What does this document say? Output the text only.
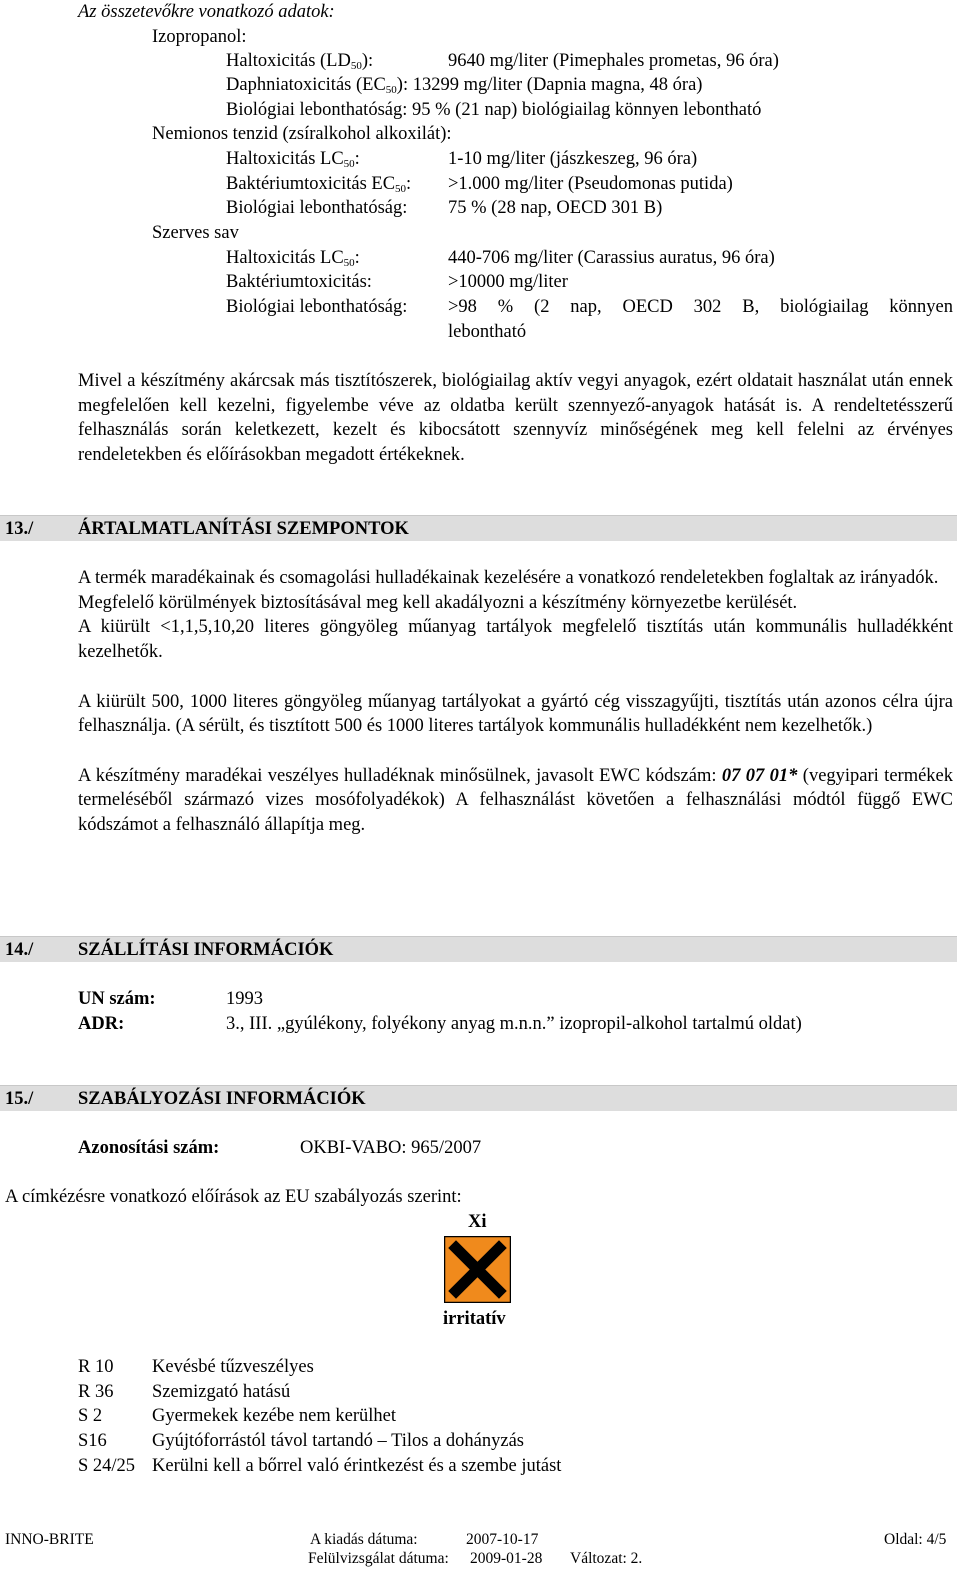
Az összetevőkre vonatkozó adatok:
Izopropanol:
Haltoxicitás $(LD_{50})$:	9640 mg/liter (Pimephales prometas, 96 óra)
Daphniatoxicitás $(EC_{50})$: 13299 mg/liter (Dapnia magna, 48 óra)
Biológiai lebonthatóság: 95 % (21 nap) biológiailag könnyen lebontható
Nemionos tenzid (zsíralkohol alkoxilát):
Haltoxicitás $LC_{50}$:	1-10 mg/liter (jászkeszeg, 96 óra)
Baktériumtoxicitás $EC_{50}$: >1.000 mg/liter (Pseudomonas putida)
Biológiai lebonthatóság: 75 % (28 nap, OECD 301 B)
Szerves sav
Haltoxicitás $LC_{50}$:	440-706 mg/liter (Carassius auratus, 96 óra)
Baktériumtoxicitás:	>10000 mg/liter
Biológiai lebonthatóság: >98 % (2 nap, OECD 302 B, biológiailag könnyen
lebontható

Mivel a készítmény akárcsak más tisztítószerek, biológiailag aktív vegyi anyagok, ezért oldatait használat után ennek megfelelően kell kezelni, figyelembe véve az oldatba került szennyező-anyagok hatását is. A rendeltetésszerű felhasználás során keletkezett, kezelt és kibocsátott szennyvíz minőségének meg kell felelni az érvényes rendeletekben és előírásokban megadott értékeknek.

13./ ÁRTALMATLANÍTÁSI SZEMPONTOK

A termék maradékainak és csomagolási hulladékainak kezelésére a vonatkozó rendeletekben foglaltak az irányadók.

Megfelelő körülmények biztosításával meg kell akadályozni a készítmény környezetbe kerülését.

A kiürült <1,1,5,10,20 literes göngyöleg műanyag tartályok megfelelő tisztítás után kommunális hulladékként kezelhetők.

A kiürült 500, 1000 literes göngyöleg műanyag tartályokat a gyártó cég visszagyűjti, tisztítás után azonos célra újra felhasználja. (A sérült, és tisztított 500 és 1000 literes tartályok kommunális hulladékként nem kezelhetők.)

A készítmény maradékai veszélyes hulladéknak minősülnek, javasolt EWC kódszám: 07 07 01* (vegyipari termékek termeléséből származó vizes mosófolyadékok) A felhasználást követően a felhasználási módtól függő EWC kódszámot a felhasználó állapítja meg.

14./ SZÁLLÍTÁSI INFORMÁCIÓK
UN szám:	1993
ADR:	3., III. „gyúlékony, folyékony anyag m.n.n.” izopropil-alkohol tartalmú oldat)
15./ SZABÁLYOZÁSI INFORMÁCIÓK
Azonosítási szám:	OKBI-VABO: 965/2007
A címkézésre vonatkozó előírások az EU szabályozás szerint:
Xi
irritatív
R 10 Kevésbé tűzveszélyes
R 36 Szemizgató hatású
S 2	Gyermekek kezébe nem kerülhet
S16 Gyújtóforrástól távol tartandó – Tilos a dohányzás
S 24/25 Kerülni kell a bőrrel való érintkezést és a szembe jutást
INNO-BRITE	A kiadás dátuma:	2007-10-17	Oldal: 4/5
Felülvizsgálat dátuma: 2009-01-28 Változat: 2.
